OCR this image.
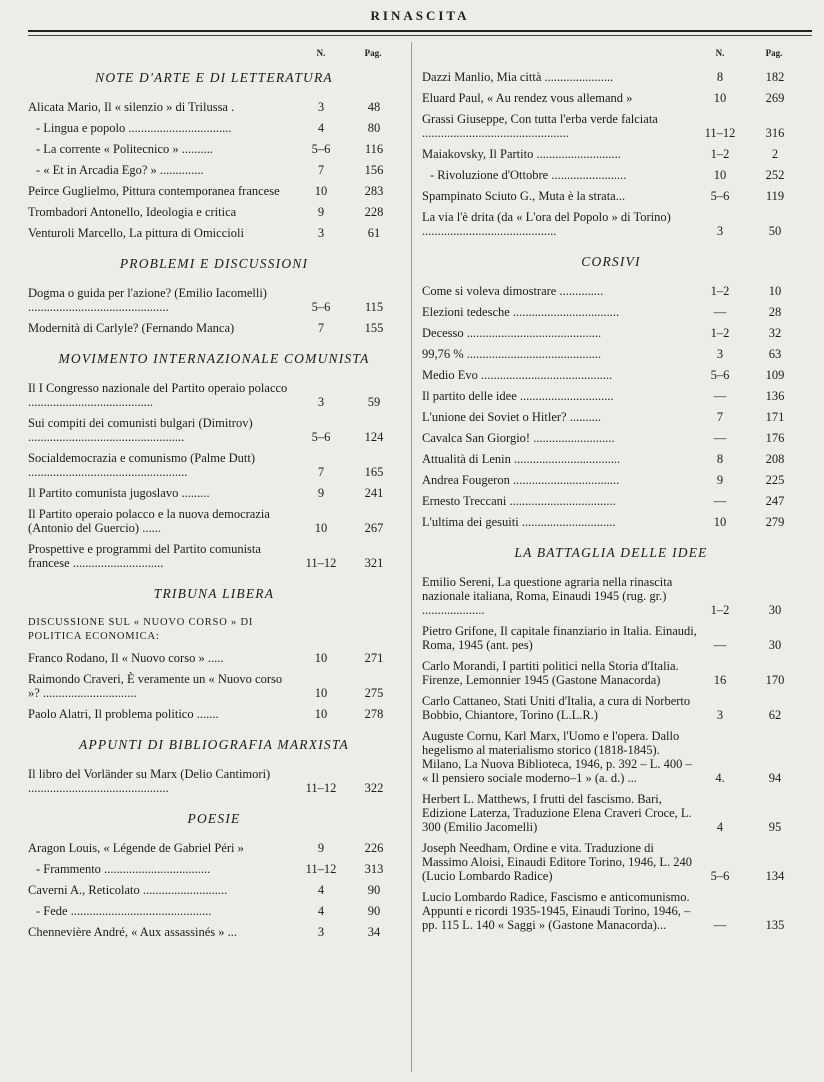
RINASCITA
N.	Pag.
NOTE D'ARTE E DI LETTERATURA
Alicata Mario, Il « silenzio » di Trilussa .	3	48
- Lingua e popolo .................................	4	80
- La corrente « Politecnico » ..........	5–6	116
- « Et in Arcadia Ego? » ..............	7	156
Peirce Guglielmo, Pittura contemporanea francese	10	283
Trombadori Antonello, Ideologia e critica	9	228
Venturoli Marcello, La pittura di Omiccioli	3	61
PROBLEMI E DISCUSSIONI
Dogma o guida per l'azione? (Emilio Iacomelli) .............................................	5–6	115
Modernità di Carlyle? (Fernando Manca)	7	155
MOVIMENTO INTERNAZIONALE COMUNISTA
Il I Congresso nazionale del Partito operaio polacco ........................................	3	59
Sui compiti dei comunisti bulgari (Dimitrov) ..................................................	5–6	124
Socialdemocrazia e comunismo (Palme Dutt) ...................................................	7	165
Il Partito comunista jugoslavo .........	9	241
Il Partito operaio polacco e la nuova democrazia (Antonio del Guercio) ......	10	267
Prospettive e programmi del Partito comunista francese .............................	11–12	321
TRIBUNA LIBERA
DISCUSSIONE SUL « NUOVO CORSO » DI POLITICA ECONOMICA:
Franco Rodano, Il « Nuovo corso » .....	10	271
Raimondo Craveri, È veramente un « Nuovo corso »? ..............................	10	275
Paolo Alatri, Il problema politico .......	10	278
APPUNTI DI BIBLIOGRAFIA MARXISTA
Il libro del Vorländer su Marx (Delio Cantimori) .............................................	11–12	322
POESIE
Aragon Louis, « Légende de Gabriel Péri »	9	226
- Frammento ..................................	11–12	313
Caverni A., Reticolato ...........................	4	90
- Fede .............................................	4	90
Chennevière André, « Aux assassinés » ...	3	34
N.	Pag.
Dazzi Manlio, Mia città ......................	8	182
Eluard Paul, « Au rendez vous allemand »	10	269
Grassi Giuseppe, Con tutta l'erba verde falciata ...............................................	11–12	316
Maiakovsky, Il Partito ...........................	1–2	2
- Rivoluzione d'Ottobre ........................	10	252
Spampinato Sciuto G., Muta è la strata...	5–6	119
La via l'è drita (da « L'ora del Popolo » di Torino) ...........................................	3	50
CORSIVI
Come si voleva dimostrare ..............	1–2	10
Elezioni tedesche ..................................	—	28
Decesso ...........................................	1–2	32
99,76 % ...........................................	3	63
Medio Evo ..........................................	5–6	109
Il partito delle idee ..............................	—	136
L'unione dei Soviet o Hitler? ..........	7	171
Cavalca San Giorgio! ..........................	—	176
Attualità di Lenin ..................................	8	208
Andrea Fougeron ..................................	9	225
Ernesto Treccani ..................................	—	247
L'ultima dei gesuiti ..............................	10	279
LA BATTAGLIA DELLE IDEE
Emilio Sereni, La questione agraria nella rinascita nazionale italiana, Roma, Einaudi 1945 (rug. gr.) ....................	1–2	30
Pietro Grifone, Il capitale finanziario in Italia. Einaudi, Roma, 1945 (ant. pes)	—	30
Carlo Morandi, I partiti politici nella Storia d'Italia. Firenze, Lemonnier 1945 (Gastone Manacorda)	16	170
Carlo Cattaneo, Stati Uniti d'Italia, a cura di Norberto Bobbio, Chiantore, Torino (L.L.R.)	3	62
Auguste Cornu, Karl Marx, l'Uomo e l'opera. Dallo hegelismo al materialismo storico (1818-1845). Milano, La Nuova Biblioteca, 1946, p. 392 – L. 400 – « Il pensiero sociale moderno–1 » (a. d.) ...	4.	94
Herbert L. Matthews, I frutti del fascismo. Bari, Edizione Laterza, Traduzione Elena Craveri Croce, L. 300 (Emilio Jacomelli)	4	95
Joseph Needham, Ordine e vita. Traduzione di Massimo Aloisi, Einaudi Editore Torino, 1946, L. 240 (Lucio Lombardo Radice)	5–6	134
Lucio Lombardo Radice, Fascismo e anticomunismo. Appunti e ricordi 1935-1945, Einaudi Torino, 1946, – pp. 115 L. 140 « Saggi » (Gastone Manacorda)...	—	135
